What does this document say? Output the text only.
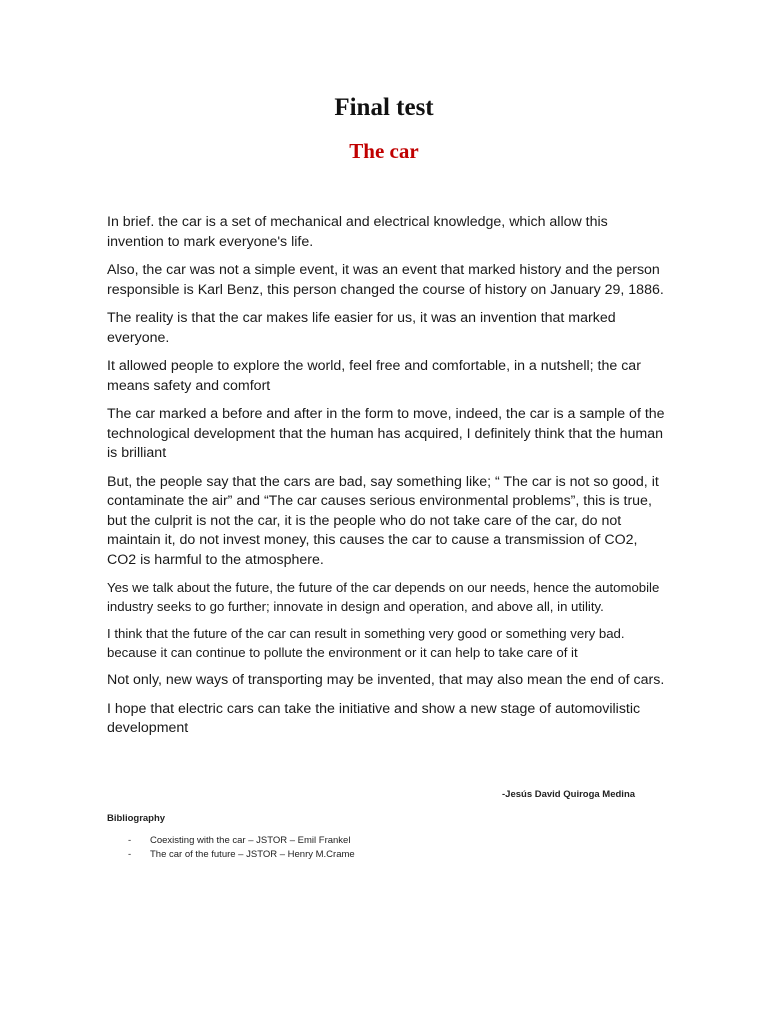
Final test
The car

In brief. the car is a set of mechanical and electrical knowledge, which allow this invention to mark everyone's life.

Also, the car was not a simple event, it was an event that marked history and the person responsible is Karl Benz, this person changed the course of history on January 29, 1886.

The reality is that the car makes life easier for us, it was an invention that marked everyone.

It allowed people to explore the world, feel free and comfortable, in a nutshell; the car means safety and comfort

The car marked a before and after in the form to move, indeed, the car is a sample of the technological development that the human has acquired, I definitely think that the human is brilliant

But, the people say that the cars are bad, say something like; “ The car is not so good, it contaminate the air” and “The car causes serious environmental problems”, this is true, but the culprit is not the car, it is the people who do not take care of the car, do not maintain it, do not invest money, this causes the car to cause a transmission of CO2, CO2 is harmful to the atmosphere.

Yes we talk about the future, the future of the car depends on our needs, hence the automobile industry seeks to go further; innovate in design and operation, and above all, in utility.

I think that the future of the car can result in something very good or something very bad. because it can continue to pollute the environment or it can help to take care of it

Not only, new ways of transporting may be invented, that may also mean the end of cars.

I hope that electric cars can take the initiative and show a new stage of automovilistic development

-Jesús David Quiroga Medina
Bibliography
-	Coexisting with the car – JSTOR – Emil Frankel
-	The car of the future – JSTOR – Henry M.Crame
